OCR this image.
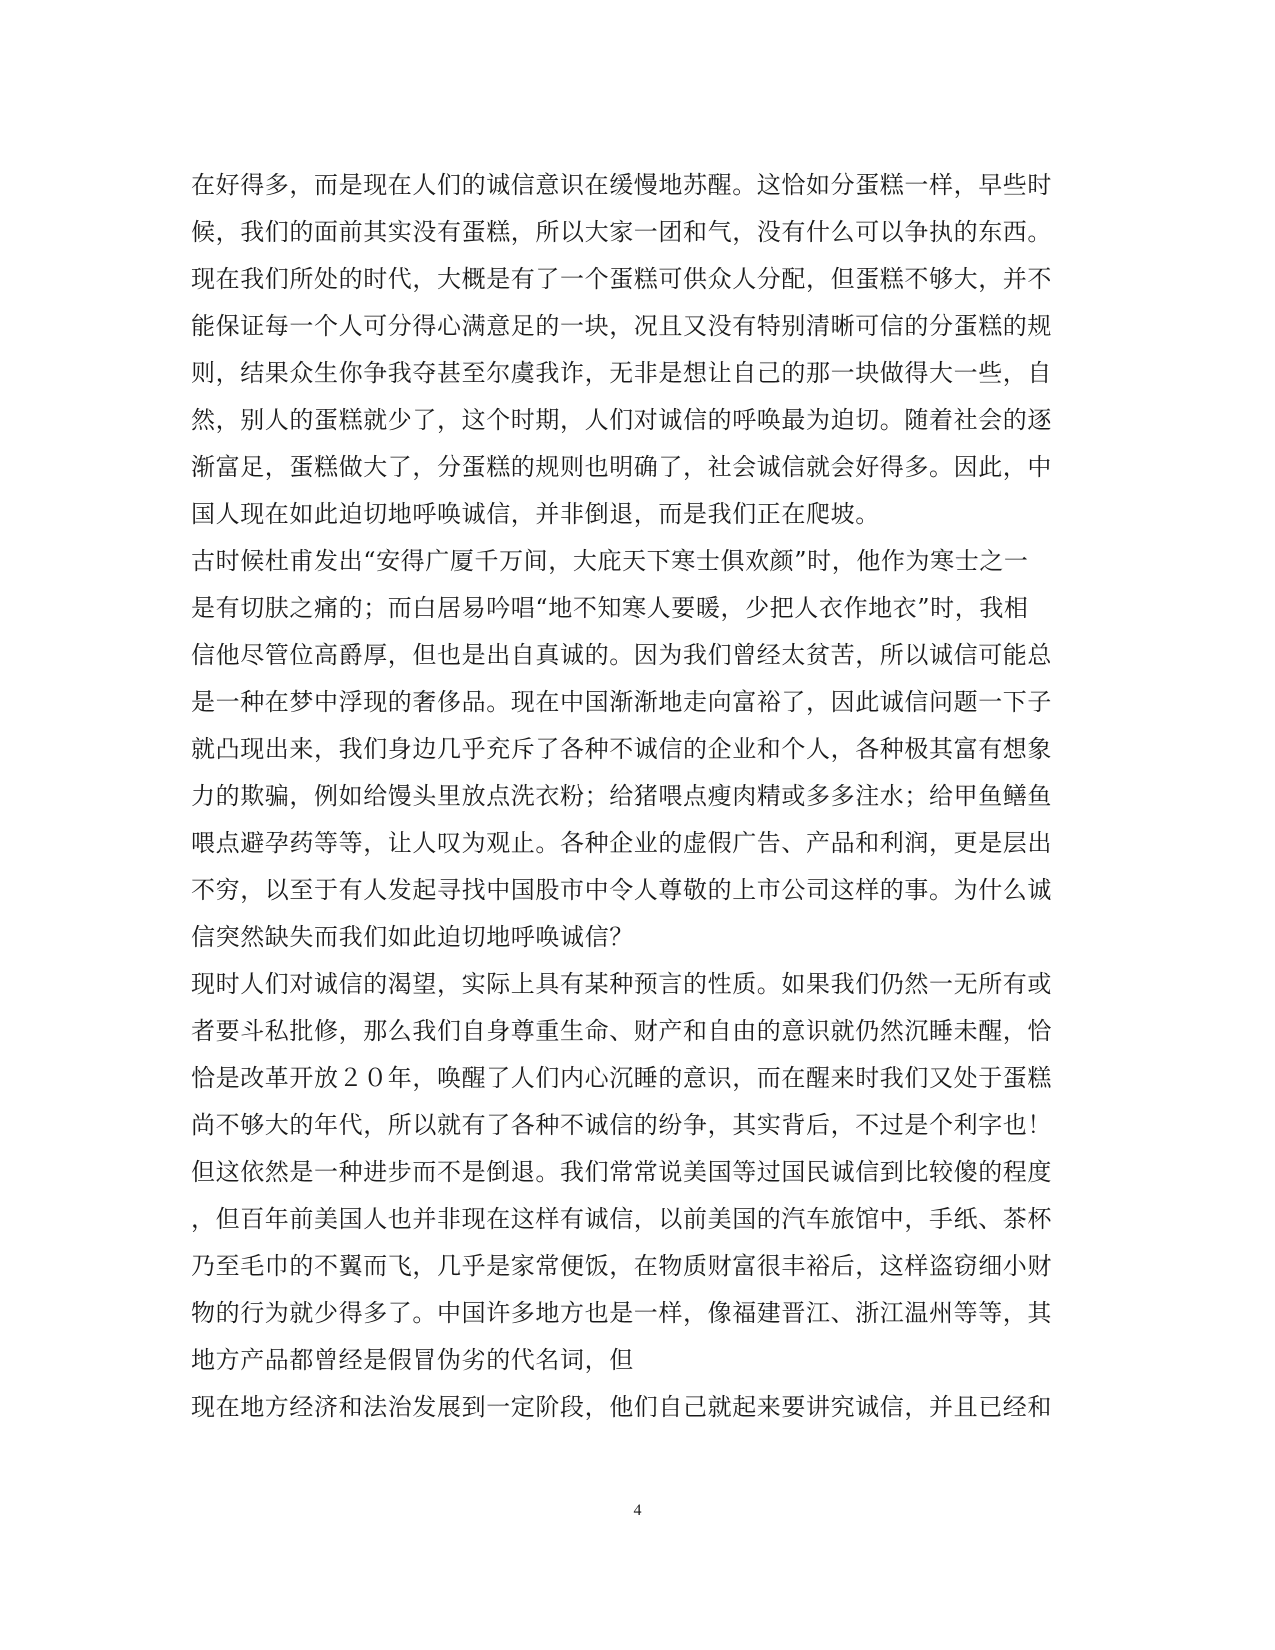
在好得多，而是现在人们的诚信意识在缓慢地苏醒。这恰如分蛋糕一样，早些时
候，我们的面前其实没有蛋糕，所以大家一团和气，没有什么可以争执的东西。
现在我们所处的时代，大概是有了一个蛋糕可供众人分配，但蛋糕不够大，并不
能保证每一个人可分得心满意足的一块，况且又没有特别清晰可信的分蛋糕的规
则，结果众生你争我夺甚至尔虞我诈，无非是想让自己的那一块做得大一些，自
然，别人的蛋糕就少了，这个时期，人们对诚信的呼唤最为迫切。随着社会的逐
渐富足，蛋糕做大了，分蛋糕的规则也明确了，社会诚信就会好得多。因此，中
国人现在如此迫切地呼唤诚信，并非倒退，而是我们正在爬坡。
古时候杜甫发出“安得广厦千万间，大庇天下寒士俱欢颜”时，他作为寒士之一
是有切肤之痛的；而白居易吟唱“地不知寒人要暖，少把人衣作地衣”时，我相
信他尽管位高爵厚，但也是出自真诚的。因为我们曾经太贫苦，所以诚信可能总
是一种在梦中浮现的奢侈品。现在中国渐渐地走向富裕了，因此诚信问题一下子
就凸现出来，我们身边几乎充斥了各种不诚信的企业和个人，各种极其富有想象
力的欺骗，例如给馒头里放点洗衣粉；给猪喂点瘦肉精或多多注水；给甲鱼鳝鱼
喂点避孕药等等，让人叹为观止。各种企业的虚假广告、产品和利润，更是层出
不穷，以至于有人发起寻找中国股市中令人尊敬的上市公司这样的事。为什么诚
信突然缺失而我们如此迫切地呼唤诚信？
现时人们对诚信的渴望，实际上具有某种预言的性质。如果我们仍然一无所有或
者要斗私批修，那么我们自身尊重生命、财产和自由的意识就仍然沉睡未醒，恰
恰是改革开放２０年，唤醒了人们内心沉睡的意识，而在醒来时我们又处于蛋糕
尚不够大的年代，所以就有了各种不诚信的纷争，其实背后，不过是个利字也！
但这依然是一种进步而不是倒退。我们常常说美国等过国民诚信到比较傻的程度
，但百年前美国人也并非现在这样有诚信，以前美国的汽车旅馆中，手纸、茶杯
乃至毛巾的不翼而飞，几乎是家常便饭，在物质财富很丰裕后，这样盗窃细小财
物的行为就少得多了。中国许多地方也是一样，像福建晋江、浙江温州等等，其
地方产品都曾经是假冒伪劣的代名词，但
现在地方经济和法治发展到一定阶段，他们自己就起来要讲究诚信，并且已经和
4
